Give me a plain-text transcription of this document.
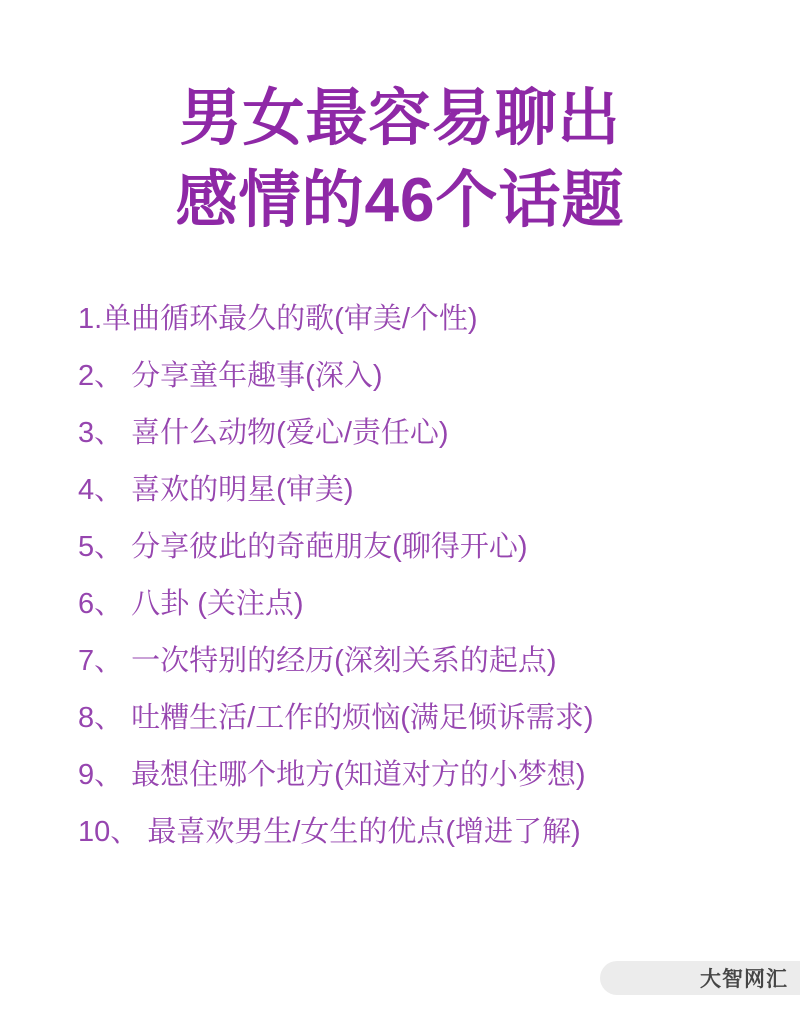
男女最容易聊出
感情的46个话题
1.单曲循环最久的歌(审美/个性)
2、 分享童年趣事(深入)
3、 喜什么动物(爱心/责任心)
4、 喜欢的明星(审美)
5、 分享彼此的奇葩朋友(聊得开心)
6、 八卦 (关注点)
7、 一次特别的经历(深刻关系的起点)
8、 吐糟生活/工作的烦恼(满足倾诉需求)
9、 最想住哪个地方(知道对方的小梦想)
10、 最喜欢男生/女生的优点(增进了解)
大智网汇
